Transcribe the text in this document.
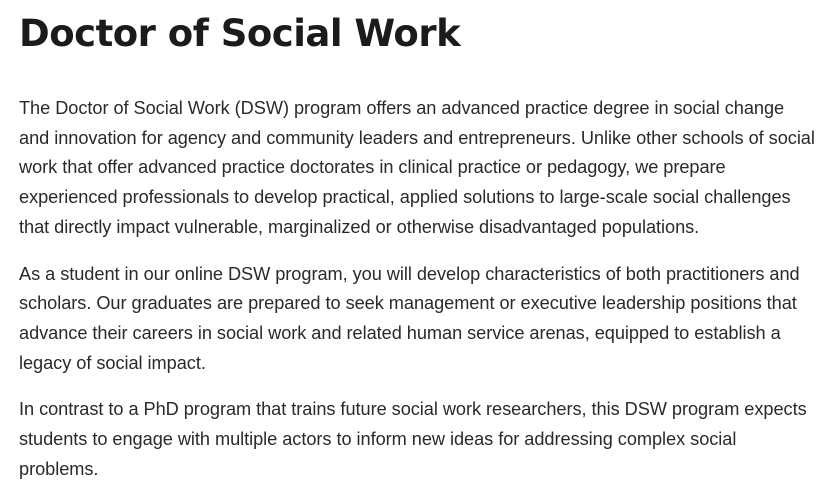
Doctor of Social Work

The Doctor of Social Work (DSW) program offers an advanced practice degree in social change and innovation for agency and community leaders and entrepreneurs. Unlike other schools of social work that offer advanced practice doctorates in clinical practice or pedagogy, we prepare experienced professionals to develop practical, applied solutions to large-scale social challenges that directly impact vulnerable, marginalized or otherwise disadvantaged populations.

As a student in our online DSW program, you will develop characteristics of both practitioners and scholars. Our graduates are prepared to seek management or executive leadership positions that advance their careers in social work and related human service arenas, equipped to establish a legacy of social impact.

In contrast to a PhD program that trains future social work researchers, this DSW program expects students to engage with multiple actors to inform new ideas for addressing complex social problems.
